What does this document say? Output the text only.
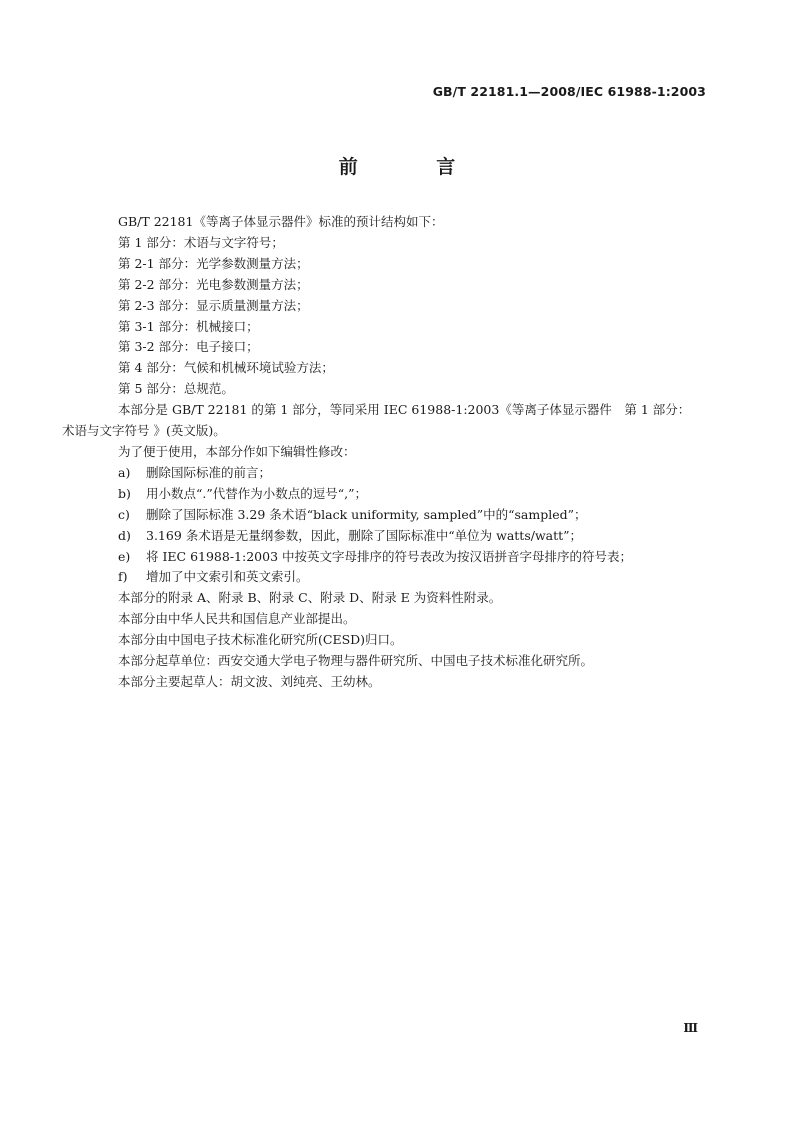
GB/T 22181.1—2008/IEC 61988-1:2003
前 言
GB/T 22181《等离子体显示器件》标准的预计结构如下：
第 1 部分：术语与文字符号；
第 2-1 部分：光学参数测量方法；
第 2-2 部分：光电参数测量方法；
第 2-3 部分：显示质量测量方法；
第 3-1 部分：机械接口；
第 3-2 部分：电子接口；
第 4 部分：气候和机械环境试验方法；
第 5 部分：总规范。
本部分是 GB/T 22181 的第 1 部分，等同采用 IEC 61988-1:2003《等离子体显示器件　第 1 部分：
术语与文字符号 》(英文版)。
为了便于使用，本部分作如下编辑性修改：
a) 删除国际标准的前言；
b) 用小数点“.”代替作为小数点的逗号“,”；
c) 删除了国际标准 3.29 条术语“black uniformity, sampled”中的“sampled”；
d) 3.169 条术语是无量纲参数，因此，删除了国际标准中“单位为 watts/watt”；
e) 将 IEC 61988-1:2003 中按英文字母排序的符号表改为按汉语拼音字母排序的符号表；
f) 增加了中文索引和英文索引。
本部分的附录 A、附录 B、附录 C、附录 D、附录 E 为资料性附录。
本部分由中华人民共和国信息产业部提出。
本部分由中国电子技术标准化研究所(CESD)归口。
本部分起草单位：西安交通大学电子物理与器件研究所、中国电子技术标准化研究所。
本部分主要起草人：胡文波、刘纯亮、王幼林。
Ⅲ
